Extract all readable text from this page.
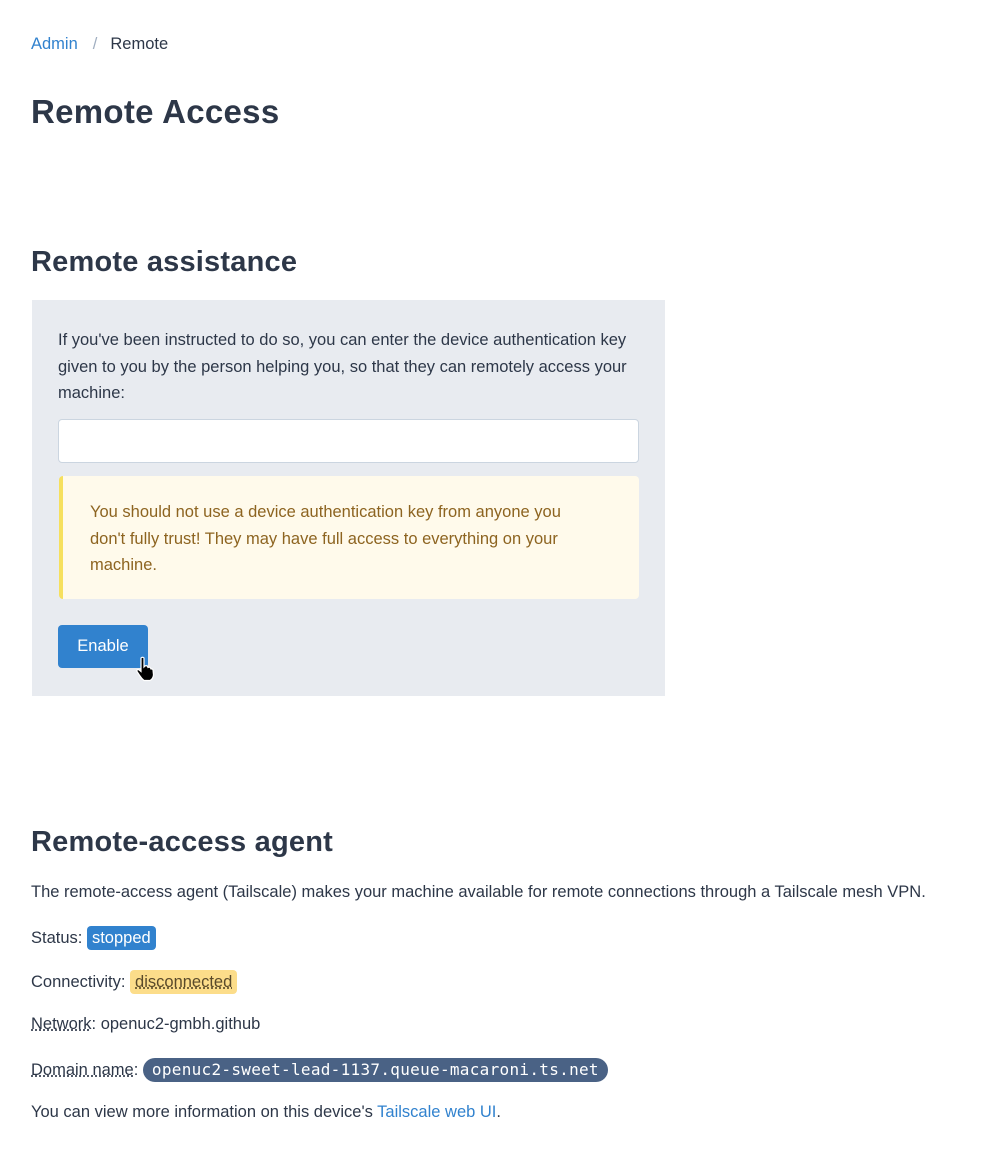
Admin / Remote
Remote Access
Remote assistance

If you've been instructed to do so, you can enter the device authentication key given to you by the person helping you, so that they can remotely access your machine:

You should not use a device authentication key from anyone you don't fully trust! They may have full access to everything on your machine.
Enable
Remote-access agent

The remote-access agent (Tailscale) makes your machine available for remote connections through a Tailscale mesh VPN.

Status: stopped

Connectivity: disconnected

Network: openuc2-gmbh.github

Domain name: openuc2-sweet-lead-1137.queue-macaroni.ts.net

You can view more information on this device's Tailscale web UI.
